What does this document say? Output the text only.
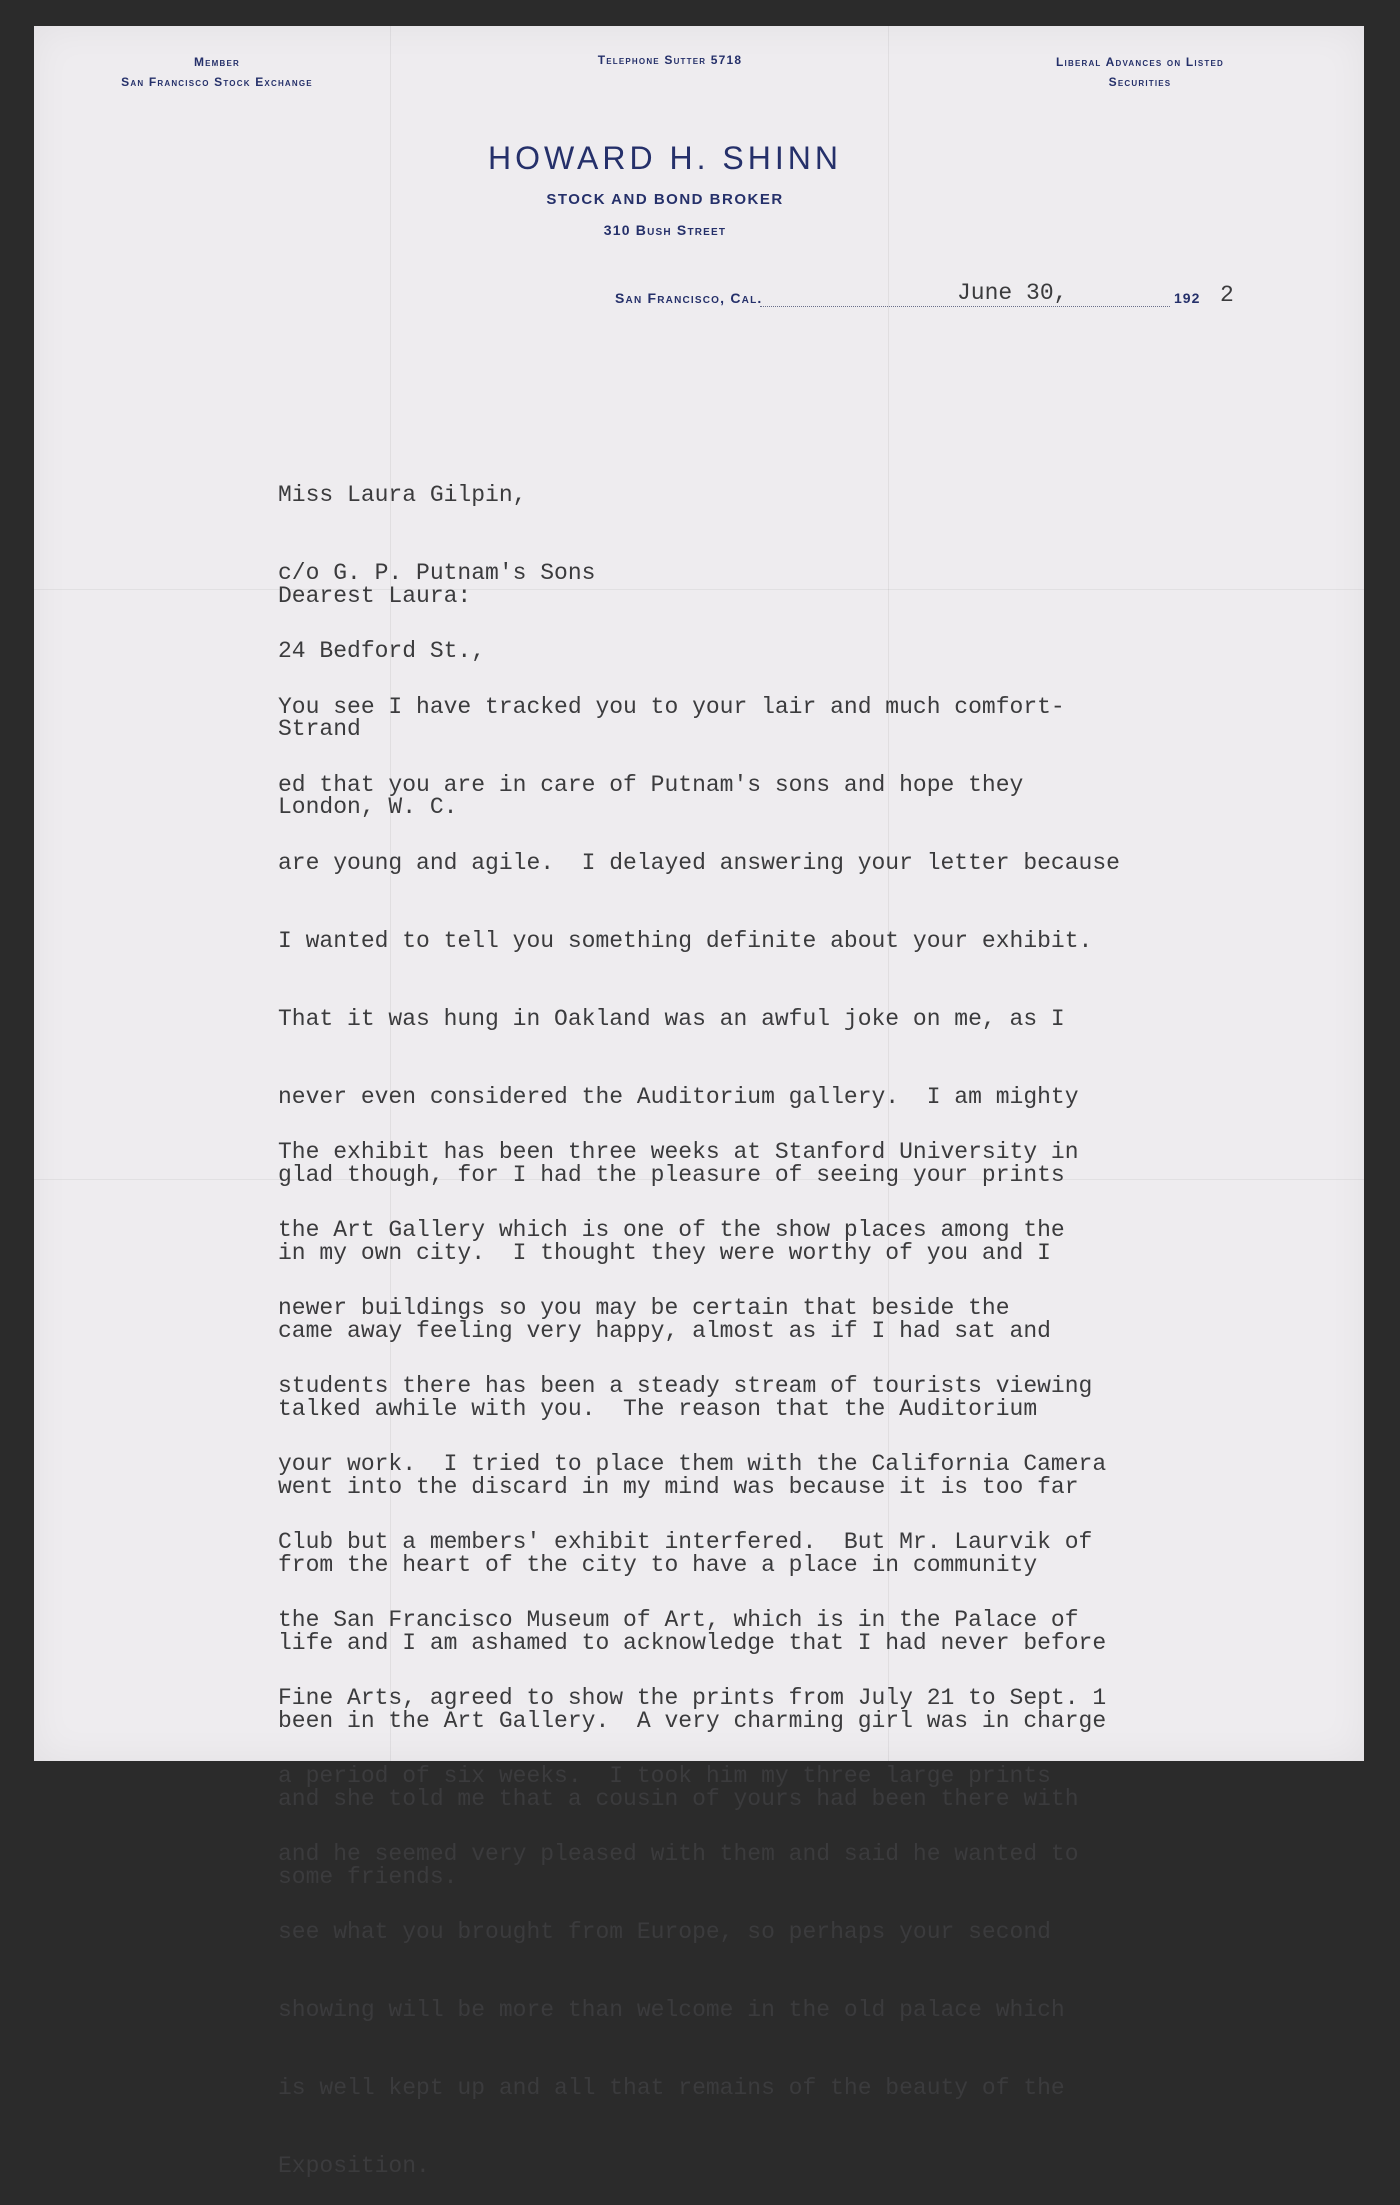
Member
San Francisco Stock Exchange
Telephone Sutter 5718	Liberal Advances on Listed
Securities
HOWARD H. SHINN
STOCK AND BOND BROKER
310 Bush Street
San Francisco, Cal.	June 30,	192 2

Miss Laura Gilpin,

c/o G. P. Putnam's Sons

24 Bedford St.,

Strand

London, W. C.

Dearest Laura:

You see I have tracked you to your lair and much comfort-

ed that you are in care of Putnam's sons and hope they

are young and agile.  I delayed answering your letter because

I wanted to tell you something definite about your exhibit.

That it was hung in Oakland was an awful joke on me, as I

never even considered the Auditorium gallery.  I am mighty

glad though, for I had the pleasure of seeing your prints

in my own city.  I thought they were worthy of you and I

came away feeling very happy, almost as if I had sat and

talked awhile with you.  The reason that the Auditorium

went into the discard in my mind was because it is too far

from the heart of the city to have a place in community

life and I am ashamed to acknowledge that I had never before

been in the Art Gallery.  A very charming girl was in charge

and she told me that a cousin of yours had been there with

some friends.

The exhibit has been three weeks at Stanford University in

the Art Gallery which is one of the show places among the

newer buildings so you may be certain that beside the

students there has been a steady stream of tourists viewing

your work.  I tried to place them with the California Camera

Club but a members' exhibit interfered.  But Mr. Laurvik of

the San Francisco Museum of Art, which is in the Palace of

Fine Arts, agreed to show the prints from July 21 to Sept. 1

a period of six weeks.  I took him my three large prints

and he seemed very pleased with them and said he wanted to

see what you brought from Europe, so perhaps your second

showing will be more than welcome in the old palace which

is well kept up and all that remains of the beauty of the

Exposition.
